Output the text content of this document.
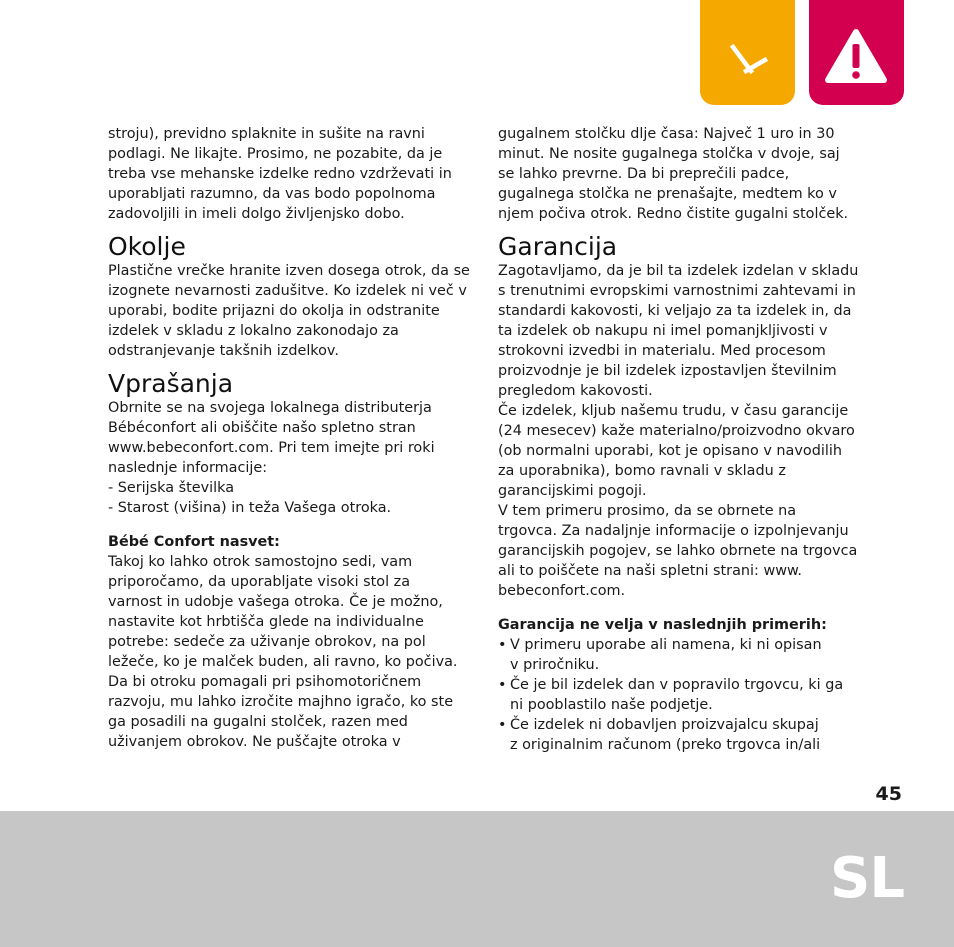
stroju), previdno splaknite in sušite na ravni
podlagi. Ne likajte. Prosimo, ne pozabite, da je
treba vse mehanske izdelke redno vzdrževati in
uporabljati razumno, da vas bodo popolnoma
zadovoljili in imeli dolgo življenjsko dobo.
Okolje
Plastične vrečke hranite izven dosega otrok, da se
izognete nevarnosti zadušitve. Ko izdelek ni več v
uporabi, bodite prijazni do okolja in odstranite
izdelek v skladu z lokalno zakonodajo za
odstranjevanje takšnih izdelkov.
Vprašanja
Obrnite se na svojega lokalnega distributerja
Bébéconfort ali obiščite našo spletno stran
www.bebeconfort.com. Pri tem imejte pri roki
naslednje informacije:
- Serijska številka
- Starost (višina) in teža Vašega otroka.
Bébé Confort nasvet:
Takoj ko lahko otrok samostojno sedi, vam
priporočamo, da uporabljate visoki stol za
varnost in udobje vašega otroka. Če je možno,
nastavite kot hrbtišča glede na individualne
potrebe: sedeče za uživanje obrokov, na pol
ležeče, ko je malček buden, ali ravno, ko počiva.
Da bi otroku pomagali pri psihomotoričnem
razvoju, mu lahko izročite majhno igračo, ko ste
ga posadili na gugalni stolček, razen med
uživanjem obrokov. Ne puščajte otroka v
gugalnem stolčku dlje časa: Največ 1 uro in 30
minut. Ne nosite gugalnega stolčka v dvoje, saj
se lahko prevrne. Da bi preprečili padce,
gugalnega stolčka ne prenašajte, medtem ko v
njem počiva otrok. Redno čistite gugalni stolček.
Garancija
Zagotavljamo, da je bil ta izdelek izdelan v skladu
s trenutnimi evropskimi varnostnimi zahtevami in
standardi kakovosti, ki veljajo za ta izdelek in, da
ta izdelek ob nakupu ni imel pomanjkljivosti v
strokovni izvedbi in materialu. Med procesom
proizvodnje je bil izdelek izpostavljen številnim
pregledom kakovosti.
Če izdelek, kljub našemu trudu, v času garancije
(24 mesecev) kaže materialno/proizvodno okvaro
(ob normalni uporabi, kot je opisano v navodilih
za uporabnika), bomo ravnali v skladu z
garancijskimi pogoji.
V tem primeru prosimo, da se obrnete na
trgovca. Za nadaljnje informacije o izpolnjevanju
garancijskih pogojev, se lahko obrnete na trgovca
ali to poiščete na naši spletni strani: www.
bebeconfort.com.
Garancija ne velja v naslednjih primerih:
• V primeru uporabe ali namena, ki ni opisan
v priročniku.
• Če je bil izdelek dan v popravilo trgovcu, ki ga
ni pooblastilo naše podjetje.
• Če izdelek ni dobavljen proizvajalcu skupaj
z originalnim računom (preko trgovca in/ali
45
SL
